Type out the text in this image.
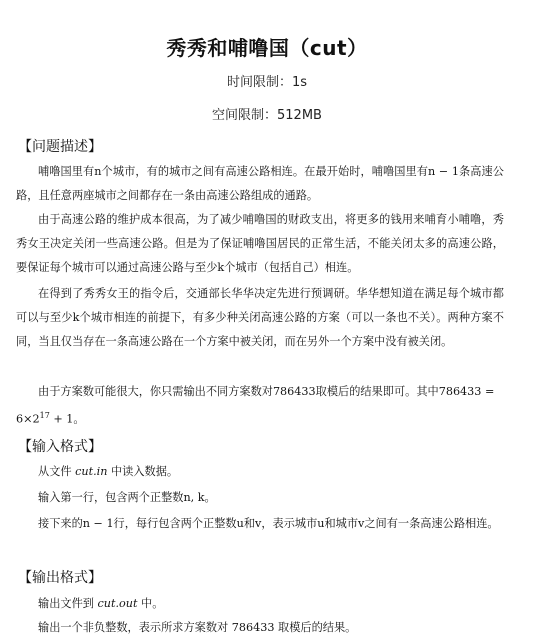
秀秀和哺噜国（cut）
时间限制：1s
空间限制：512MB
【问题描述】
哺噜国里有n个城市，有的城市之间有高速公路相连。在最开始时，哺噜国里有n − 1条高速公路，且任意两座城市之间都存在一条由高速公路组成的通路。
由于高速公路的维护成本很高，为了减少哺噜国的财政支出，将更多的钱用来哺育小哺噜，秀秀女王决定关闭一些高速公路。但是为了保证哺噜国居民的正常生活，不能关闭太多的高速公路，要保证每个城市可以通过高速公路与至少k个城市（包括自己）相连。
在得到了秀秀女王的指令后，交通部长华华决定先进行预调研。华华想知道在满足每个城市都可以与至少k个城市相连的前提下，有多少种关闭高速公路的方案（可以一条也不关）。两种方案不同，当且仅当存在一条高速公路在一个方案中被关闭，而在另外一个方案中没有被关闭。
由于方案数可能很大，你只需输出不同方案数对786433取模后的结果即可。其中786433 =
$6\times 2^{17} + 1$。
【输入格式】
从文件 cut.in 中读入数据。
输入第一行，包含两个正整数n, k。
接下来的n − 1行，每行包含两个正整数u和v，表示城市u和城市v之间有一条高速公路相连。
【输出格式】
输出文件到 cut.out 中。
输出一个非负整数，表示所求方案数对 786433 取模后的结果。
